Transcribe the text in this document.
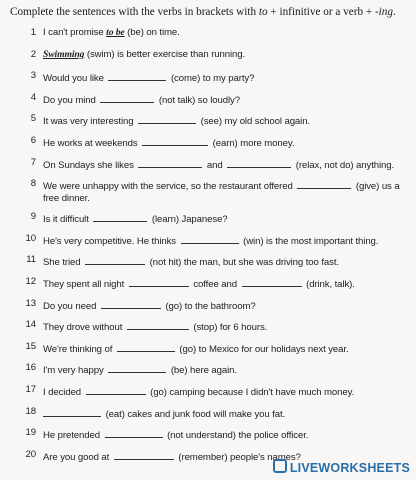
Complete the sentences with the verbs in brackets with to + infinitive or a verb + -ing.
1 I can't promise to be (be) on time.
2 Swimming (swim) is better exercise than running.
3 Would you like	(come) to my party?
4 Do you mind	(not talk) so loudly?
5 It was very interesting	(see) my old school again.
6 He works at weekends	(earn) more money.
7 On Sundays she likes	and	(relax, not do) anything.
8 We were unhappy with the service, so the restaurant offered	(give) us a free dinner.
9 Is it difficult	(learn) Japanese?
10 He's very competitive. He thinks	(win) is the most important thing.
11 She tried	(not hit) the man, but she was driving too fast.
12 They spent all night	coffee and	(drink, talk).
13 Do you need	(go) to the bathroom?
14 They drove without	(stop) for 6 hours.
15 We're thinking of	(go) to Mexico for our holidays next year.
16 I'm very happy	(be) here again.
17 I decided	(go) camping because I didn't have much money.
18	(eat) cakes and junk food will make you fat.
19 He pretended	(not understand) the police officer.
20 Are you good at	(remember) people's names?
LIVEWORKSHEETS
